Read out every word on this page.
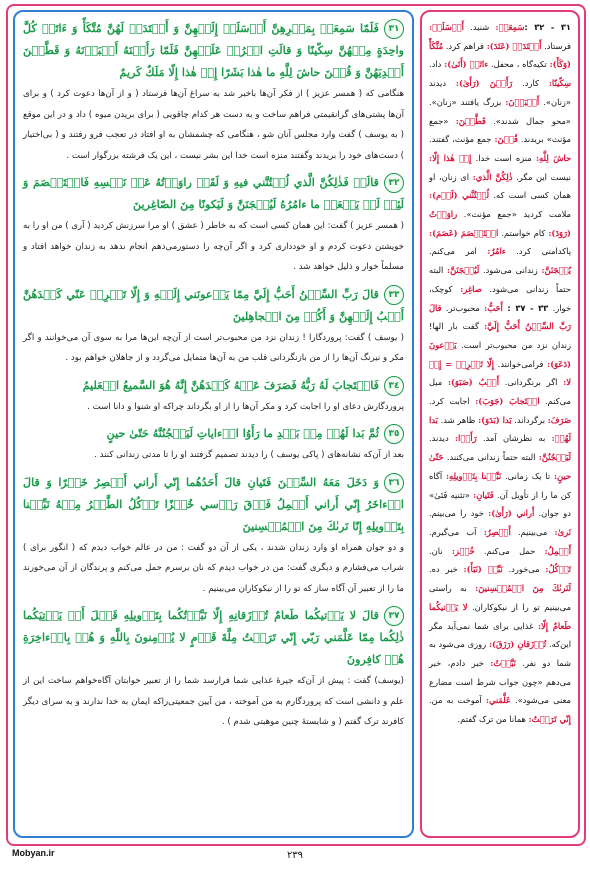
٣١فَلَمّا سَمِعَتۡ بِمَكۡرِهِنَّ أَرۡسَلَتۡ إِلَيۡهِنَّ وَ أَعۡتَدَتۡ لَهُنَّ مُتَّكَأً وَ ءَاتَتۡ كُلَّ واحِدَةٍ مِنۡهُنَّ سِكّينًا وَ قالَتِ اخۡرُجۡ عَلَيۡهِنَّ فَلَمّا رَأَيۡنَهُ أَكۡبَرۡنَهُ وَ قَطَّعۡنَ أَيۡدِيَهُنَّ وَ قُلۡنَ حاشَ لِلَّهِ ما هٰذا بَشَرًا إِنۡ هٰذا إِلّا مَلَكٌ كَريمٌ
هنگامی که ( همسر عزیز ) از فکر آن‌ها باخبر شد به سراغ آن‌ها فرستاد ( و از آن‌ها دعوت کرد ) و برای آن‌ها پشتی‌های گرانقیمتی فراهم ساخت و به دست هر کدام چاقویی ( برای بریدن میوه ) داد و در این موقع ( به یوسف ) گفت وارد مجلس آنان شو ، هنگامی که چشمشان به او افتاد در تعجب فرو رفتند و ( بی‌اختیار ) دست‌های خود را بریدند وگفتند منزه است خدا این بشر نیست ، این یک فرشته بزرگوار است .
٣٢قالَتۡ فَذٰلِكُنَّ الَّذي لُمۡتُنَّني فيهِ وَ لَقَدۡ راوَدۡتُهُ عَنۡ نَفۡسِهِ فَاسۡتَعۡصَمَ وَ لَئِنۡ لَمۡ يَفۡعَلۡ ما ءامُرُهُ لَيُسۡجَنَنَّ وَ لَيَكونًا مِنَ الصّاغِرينَ
( همسر عزیز ) گفت: این همان کسی است که به خاطر ( عشق ) او مرا سرزنش کردید ( آری ) من او را به خویشتن دعوت کردم و او خودداری کرد و اگر آن‌چه را دستورمی‌دهم انجام ندهد به زندان خواهد افتاد و مسلماً خوار و ذلیل خواهد شد .
٣٣قالَ رَبِّ السِّجۡنُ أَحَبُّ إِلَيَّ مِمّا يَدۡعونَني إِلَيۡهِ وَ إِلّا تَصۡرِفۡ عَنّي كَيۡدَهُنَّ أَصۡبُ إِلَيۡهِنَّ وَ أَكُنۡ مِنَ الۡجاهِلينَ
( یوسف ) گفت: پروردگارا ! زندان نزد من محبوب‌تر است از آن‌چه این‌ها مرا به سوی آن می‌خوانند و اگر مکر و نیرنگ آن‌ها را از من بازنگردانی قلب من به آن‌ها متمایل می‌گردد و از جاهلان خواهم بود .
٣٤فَاسۡتَجابَ لَهُ رَبُّهُ فَصَرَفَ عَنۡهُ كَيۡدَهُنَّ إِنَّهُ هُوَ السَّميعُ الۡعَليمُ
پروردگارش دعای او را اجابت کرد و مکر آن‌ها را از او بگرداند چراکه او شنوا و دانا است .
٣٥ثُمَّ بَدا لَهُمۡ مِنۡ بَعۡدِ ما رَأَوُا الۡءاياتِ لَيَسۡجُنُنَّهُ حَتّىٰ حينٍ
بعد از آن‌که نشانه‌های ( پاکی یوسف ) را دیدند تصمیم گرفتند او را تا مدتی زندانی کنند .
٣٦وَ دَخَلَ مَعَهُ السِّجۡنَ فَتَيانِ قالَ أَحَدُهُما إِنّي أَراني أَعۡصِرُ خَمۡرًا وَ قالَ الۡءاخَرُ إِنّي أَراني أَحۡمِلُ فَوۡقَ رَأۡسي خُبۡزًا تَأۡكُلُ الطَّيۡرُ مِنۡهُ نَبِّئۡنا بِتَأۡويلِهِ إِنّا نَرىٰكَ مِنَ الۡمُحۡسِنينَ
و دو جوان همراه او وارد زندان شدند ، یکی از آن دو گفت : من در عالم خواب دیدم که ( انگور برای ) شراب می‌فشارم و دیگری گفت: من در خواب دیدم که نان برسرم حمل می‌کنم و پرندگان از آن می‌خورند ما را از تعبیر آن آگاه ساز که تو را از نیکوکاران می‌بینیم .
٣٧قالَ لا يَأۡتيكُما طَعامٌ تُرۡزَقانِهِ إِلّا نَبَّأۡتُكُما بِتَأۡويلِهِ قَبۡلَ أَنۡ يَأۡتِيَكُما ذٰلِكُما مِمّا عَلَّمَني رَبّي إِنّي تَرَكۡتُ مِلَّةَ قَوۡمٍ لا يُؤۡمِنونَ بِاللَّهِ وَ هُمۡ بِالۡءاخِرَةِ هُمۡ كافِرونَ
(یوسف) گفت : پیش از آن‌که جیرهٔ غذایی شما فرارسد شما را از تعبیر خوابتان آگاه‌خواهم ساخت این از علم و دانشی است که پروردگارم به من آموخته ، من آیین جمعیتی‌راکه ایمان به خدا ندارند و به سرای دیگر کافرند ترک گفتم ( و شایستهٔ چنین موهبتی شدم ) .
٣١ - ٣٢ :سَمِعَتۡ: شنید. أَرۡسَلَتۡ: فرستاد. أَعۡتَدَتۡ (عَتَدَ): فراهم کرد. مُتَّكَأً (وَكَأَ): تکیه‌گاه ، محفل. ءاتَتۡ (أَتَىٰ): داد. سِكّينًا: کارد. رَأَيۡنَ (رَأَىٰ): دیدند «زنان». أَكۡبَرۡنَ: بزرگ یافتند «زنان». «محو جمال شدند». قَطَّعۡنَ: «جمع مؤنث» بریدند. قُلۡنَ: جمع مؤنث، گفتند. حاشَ لِلَّهِ: منزه است خدا. إِنۡ هٰذا إِلّا: نیست این مگر. ذٰلِكُنَّ الَّذي: ای زنان، او همان کسی است که. لُمۡتُنَّني (لَوۡم): ملامت کردید «جمع مؤنث». راوَدۡتُ (رَوَدَ): کام خواستم. اسۡتَعۡصَمَ (عَصَمَ): پاکدامنی کرد. ءامُرُ: امر می‌کنم. يُسۡجَنَنَّ: زندانی می‌شود. لَيُسۡجَنَنَّ: البته حتماً زندانی می‌شود. صاغِر: کوچک، خوار. ٣٣ - ٣٧ : أَحَبُّ: محبوب‌تر. قالَ رَبِّ السِّجۡنُ أَحَبُّ إِلَيَّ: گفت بار الها! زندان نزد من محبوب‌تر است. يَدۡعونَ (دَعَوَ): فرامی‌خوانند. إِلّا تَصۡرِفۡ = إِنۡ لا: اگر برنگردانی. أَصۡبُ (صَبَوَ): میل می‌کنم. اسۡتَجابَ (جَوَبَ): اجابت کرد. صَرَفَ: برگرداند. بَدا (بَدَوَ): ظاهر شد. بَدا لَهُمۡ: به نظرشان آمد. رَأَوۡا: دیدند. لَيَسۡجُنُنَّ: البته حتماً زندانی می‌کنند. حَتّىٰ حينٍ: تا یک زمانی. نَبِّئۡنا بِتَأۡويلِهِ: آگاه کن ما را از تأویل آن. فَتَيانِ: «تثنیه فَتَیٰ» دو جوان. أَراني (رَأَىٰ): خود را می‌بینم. نَرىٰ: می‌بینیم. أَعۡصِرُ: آب می‌گیرم. أَحۡمِلُ: حمل می‌کنم. خُبۡز: نان. تَأۡكُلُ: می‌خورد. نَبِّئۡ (نَبَأَ): خبر ده. لَنَرىٰكَ مِنَ الۡمُحۡسِنينَ: به راستی می‌بینیم تو را از نیکوکاران. لا يَأۡتيكُما طَعامٌ إِلّا: غذایی برای شما نمی‌آید مگر این‌که. تُرۡزَقانِ (رَزَقَ): روزی می‌شود به شما دو نفر. نَبَّأۡتُ: خبر دادم، خبر می‌دهم «چون جواب شرط است مضارع معنی می‌شود». عَلَّمَني: آموخت به من. إِنّي تَرَكۡتُ: همانا من ترک گفتم.
Mobyan.ir	٢٣٩
